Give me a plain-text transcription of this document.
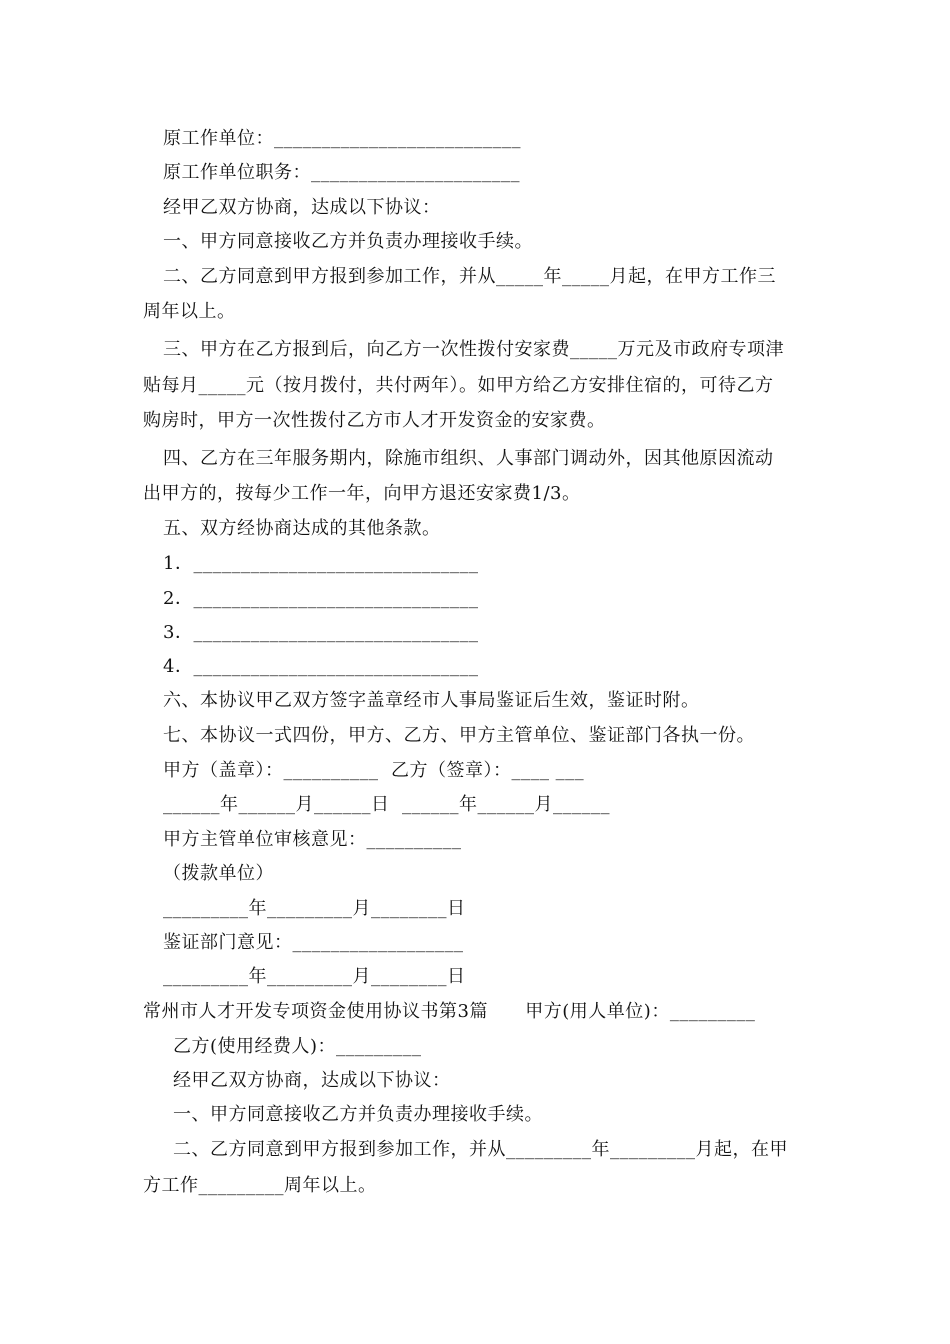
原工作单位：__________________________
原工作单位职务：______________________
经甲乙双方协商，达成以下协议：
一、甲方同意接收乙方并负责办理接收手续。
二、乙方同意到甲方报到参加工作，并从_____年_____月起，在甲方工作三
周年以上。
三、甲方在乙方报到后，向乙方一次性拨付安家费_____万元及市政府专项津
贴每月_____元（按月拨付，共付两年）。如甲方给乙方安排住宿的，可待乙方
购房时，甲方一次性拨付乙方市人才开发资金的安家费。
四、乙方在三年服务期内，除施市组织、人事部门调动外，因其他原因流动
出甲方的，按每少工作一年，向甲方退还安家费1/3。
五、双方经协商达成的其他条款。
1．______________________________
2．______________________________
3．______________________________
4．______________________________
六、本协议甲乙双方签字盖章经市人事局鉴证后生效，鉴证时附。
七、本协议一式四份，甲方、乙方、甲方主管单位、鉴证部门各执一份。
甲方（盖章）：__________  乙方（签章）：____ ___
______年______月______日  ______年______月______
甲方主管单位审核意见：__________
（拨款单位）
_________年_________月________日
鉴证部门意见：__________________
_________年_________月________日
常州市人才开发专项资金使用协议书第3篇      甲方(用人单位)：_________
乙方(使用经费人)：_________
经甲乙双方协商，达成以下协议：
一、甲方同意接收乙方并负责办理接收手续。
二、乙方同意到甲方报到参加工作，并从_________年_________月起，在甲
方工作_________周年以上。
